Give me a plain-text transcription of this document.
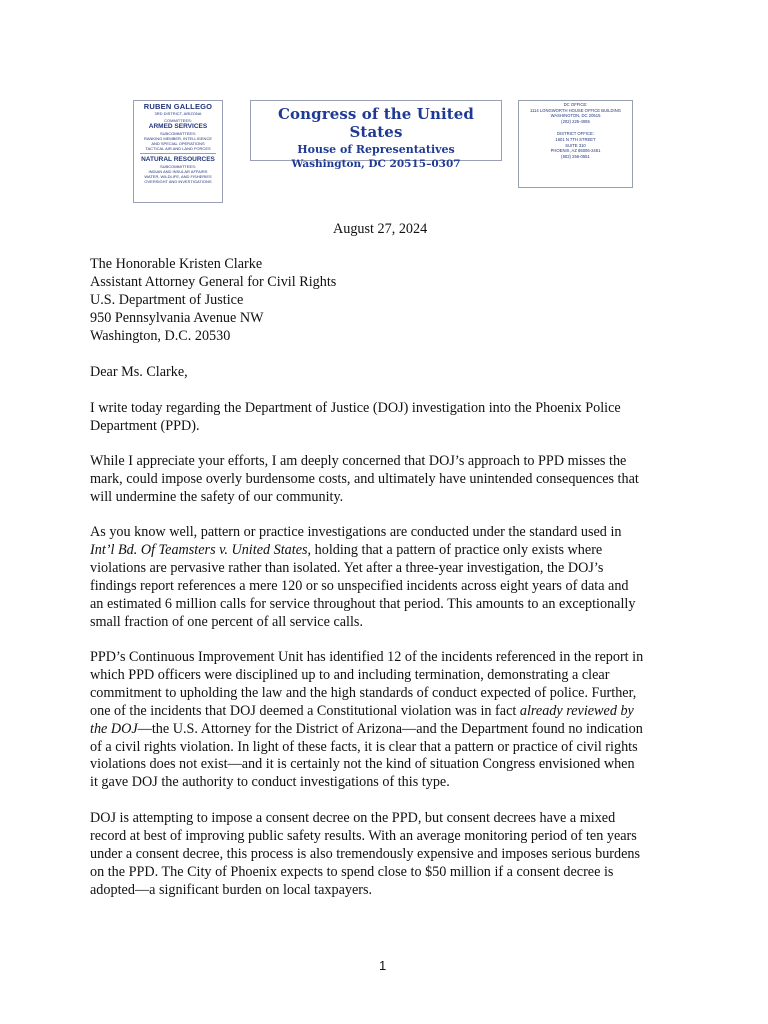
RUBEN GALLEGO
3RD DISTRICT, ARIZONA
COMMITTEES:
ARMED SERVICES
SUBCOMMITTEES:
RANKING MEMBER, INTELLIGENCE
AND SPECIAL OPERATIONS
TACTICAL AIR AND LAND FORCES
NATURAL RESOURCES
SUBCOMMITTEES:
INDIAN AND INSULAR AFFAIRS
WATER, WILDLIFE, AND FISHERIES
OVERSIGHT AND INVESTIGATIONS
Congress of the United States
House of Representatives
Washington, DC 20515–0307
DC OFFICE:
1114 LONGWORTH HOUSE OFFICE BUILDING
WASHINGTON, DC 20515
(202) 225-4065
DISTRICT OFFICE:
1601 N 7TH STREET
SUITE 310
PHOENIX, AZ 85006-2461
(602) 256-0551
August 27, 2024
The Honorable Kristen Clarke
Assistant Attorney General for Civil Rights
U.S. Department of Justice
950 Pennsylvania Avenue NW
Washington, D.C. 20530
Dear Ms. Clarke,
I write today regarding the Department of Justice (DOJ) investigation into the Phoenix Police
Department (PPD).
While I appreciate your efforts, I am deeply concerned that DOJ’s approach to PPD misses the
mark, could impose overly burdensome costs, and ultimately have unintended consequences that
will undermine the safety of our community.
As you know well, pattern or practice investigations are conducted under the standard used in
Int’l Bd. Of Teamsters v. United States, holding that a pattern of practice only exists where
violations are pervasive rather than isolated. Yet after a three-year investigation, the DOJ’s
findings report references a mere 120 or so unspecified incidents across eight years of data and
an estimated 6 million calls for service throughout that period. This amounts to an exceptionally
small fraction of one percent of all service calls.
PPD’s Continuous Improvement Unit has identified 12 of the incidents referenced in the report in
which PPD officers were disciplined up to and including termination, demonstrating a clear
commitment to upholding the law and the high standards of conduct expected of police. Further,
one of the incidents that DOJ deemed a Constitutional violation was in fact already reviewed by
the DOJ—the U.S. Attorney for the District of Arizona—and the Department found no indication
of a civil rights violation. In light of these facts, it is clear that a pattern or practice of civil rights
violations does not exist—and it is certainly not the kind of situation Congress envisioned when
it gave DOJ the authority to conduct investigations of this type.
DOJ is attempting to impose a consent decree on the PPD, but consent decrees have a mixed
record at best of improving public safety results. With an average monitoring period of ten years
under a consent decree, this process is also tremendously expensive and imposes serious burdens
on the PPD. The City of Phoenix expects to spend close to $50 million if a consent decree is
adopted—a significant burden on local taxpayers.
1
